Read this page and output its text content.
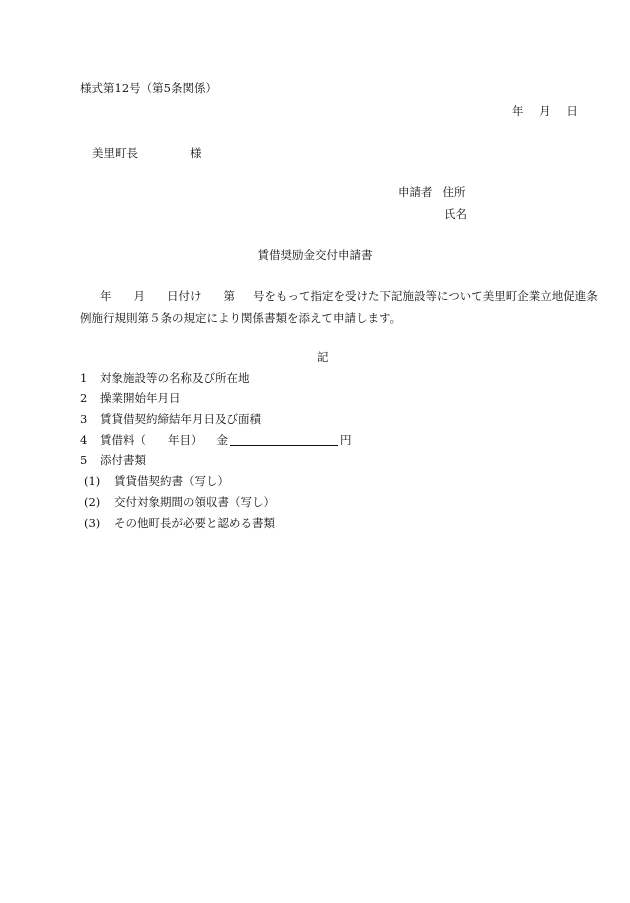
様式第12号（第5条関係）
年 月 日
美里町長	様
申請者 住所
氏名
賃借奨励金交付申請書
年 月 日付け 第 号をもって指定を受けた下記施設等について美里町企業立地促進条
例施行規則第５条の規定により関係書類を添えて申請します。
記
1 対象施設等の名称及び所在地
2 操業開始年月日
3 賃貸借契約締結年月日及び面積
4 賃借料（ 年目） 金	円
5 添付書類
(1) 賃貸借契約書（写し）
(2) 交付対象期間の領収書（写し）
(3) その他町長が必要と認める書類
